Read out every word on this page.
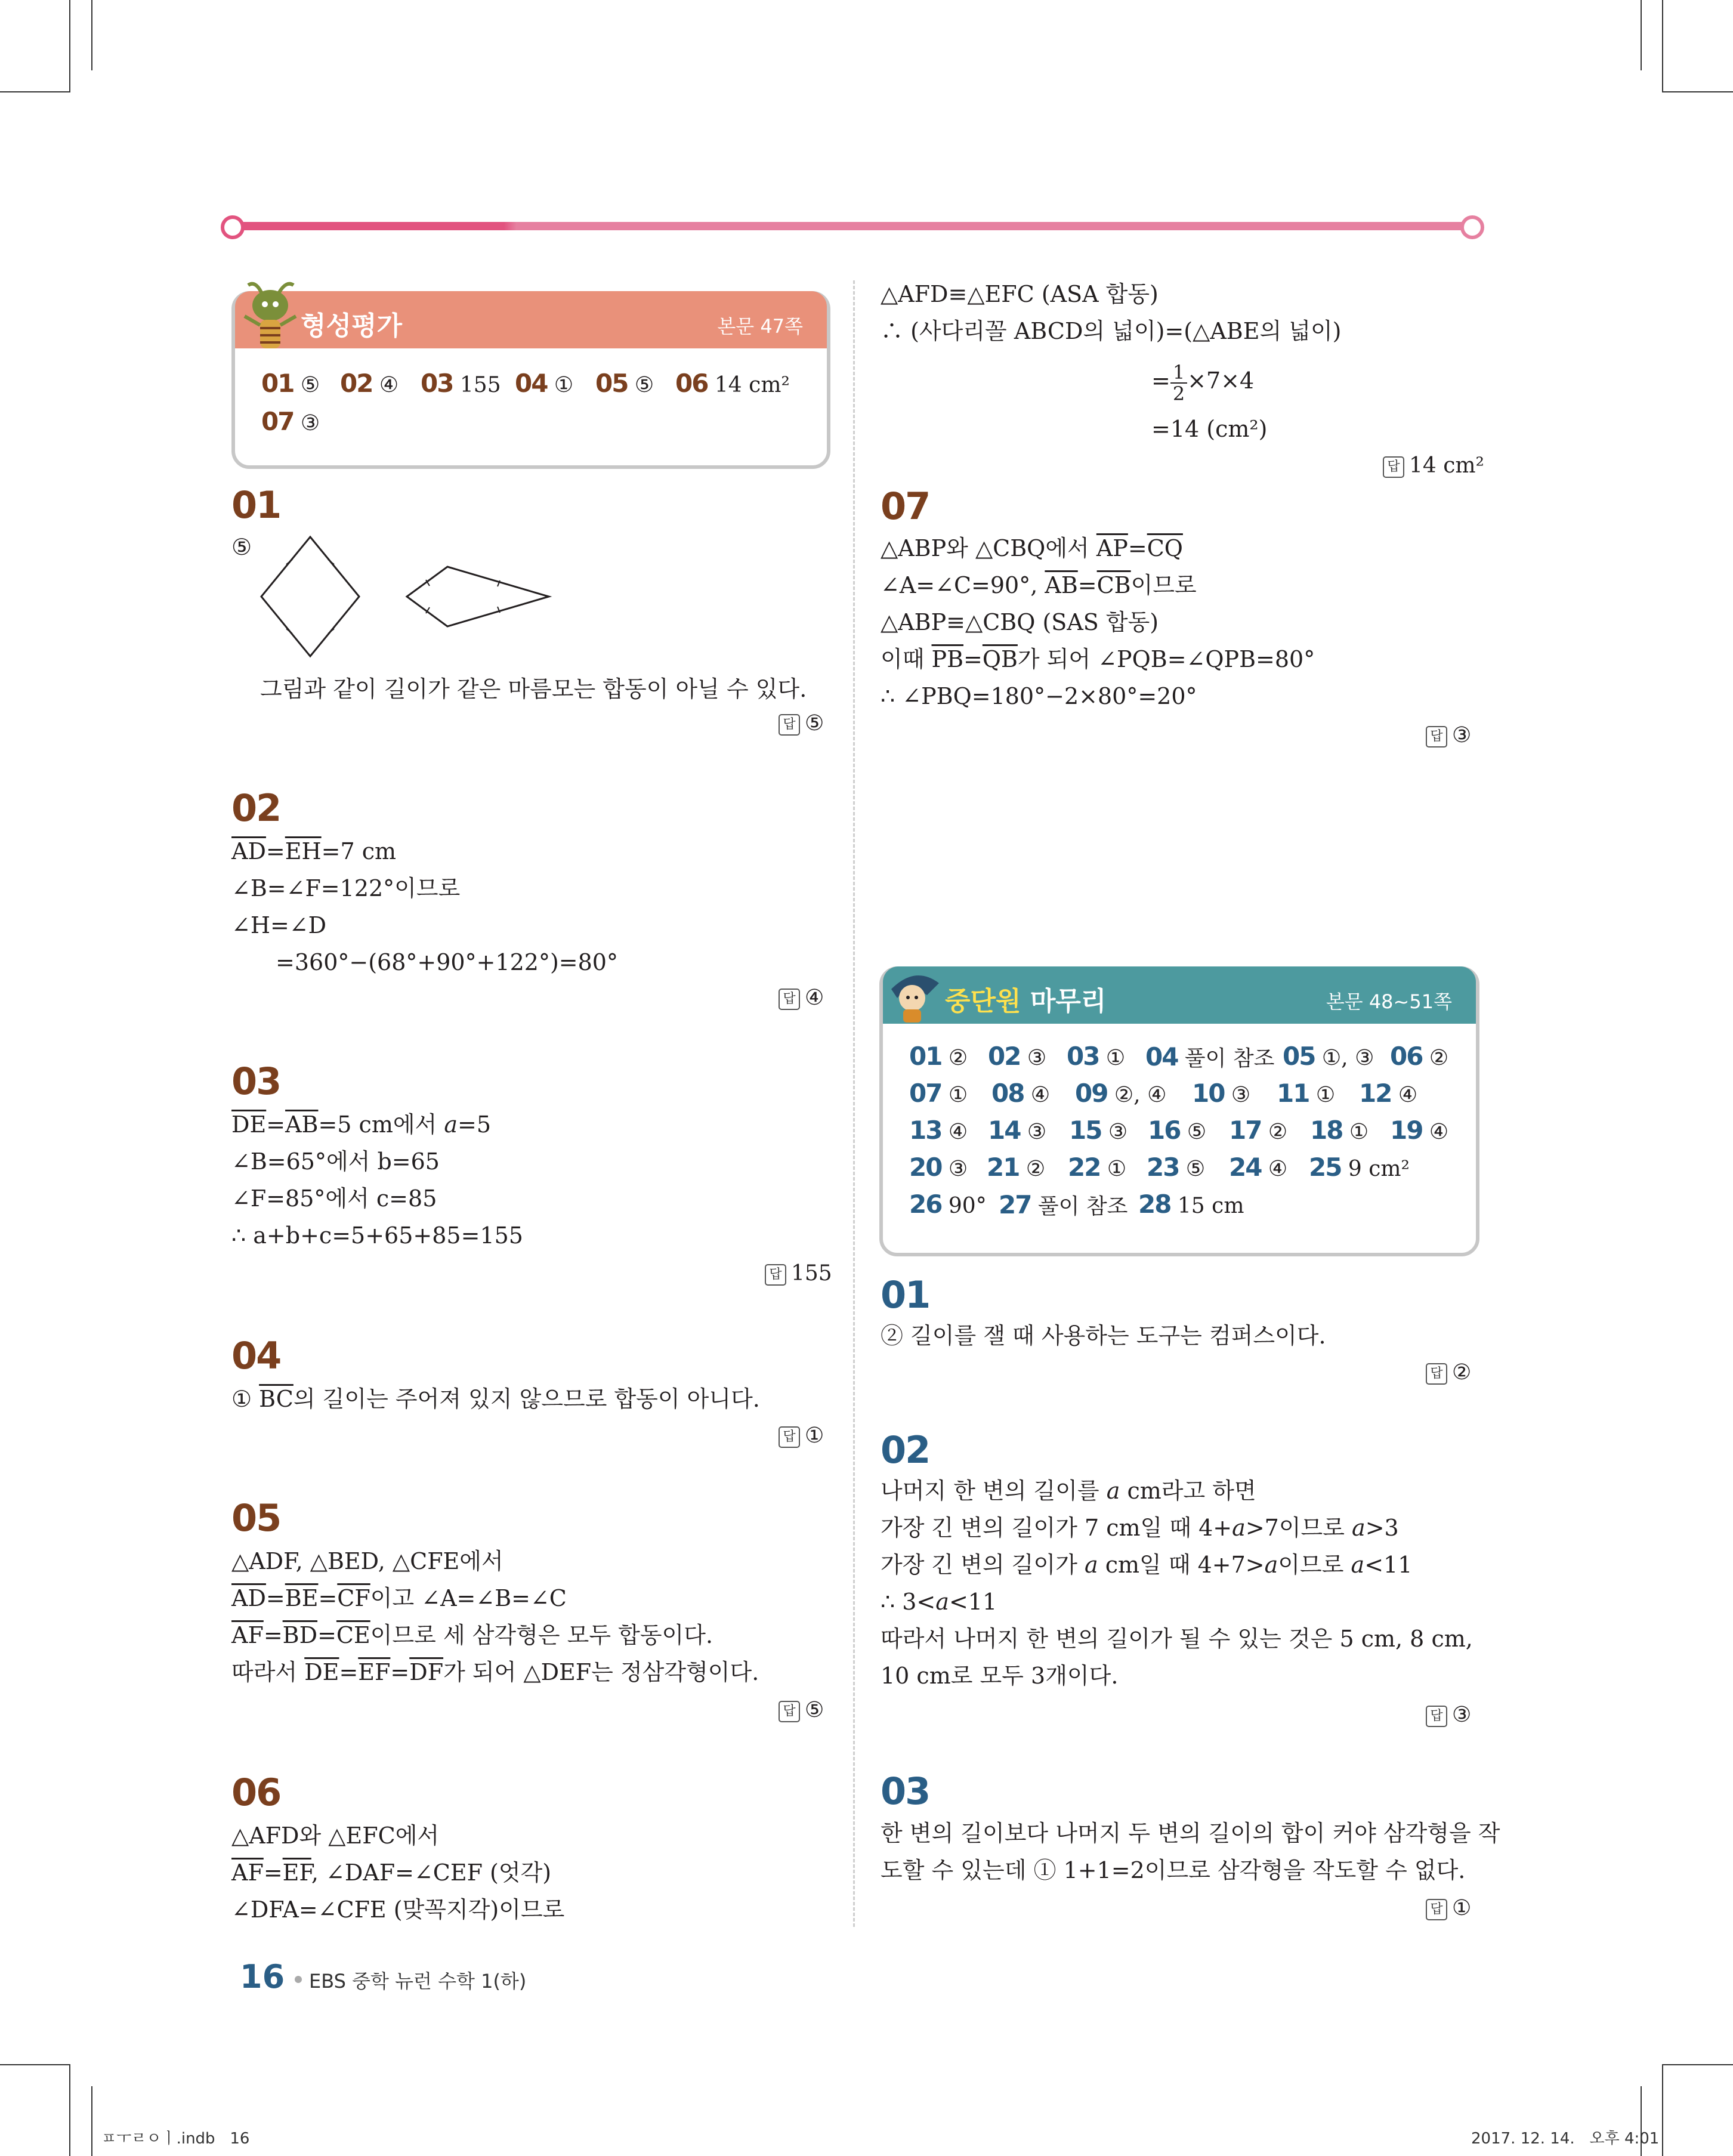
형성평가	본문 47쪽
01 ⑤ 02 ④ 03 155 04 ① 05 ⑤ 06 14 cm²
07 ③
01
⑤
그림과 같이 길이가 같은 마름모는 합동이 아닐 수 있다.
답 ⑤
02
$\overline{AD}=\overline{EH}=7$ cm
∠B=∠F=122°이므로
∠H=∠D
=360°−(68°+90°+122°)=80°
답 ④
03
$\overline{DE}=\overline{AB}=5$ cm에서 a=5
∠B=65°에서 b=65
∠F=85°에서 c=85
∴ a+b+c=5+65+85=155
답 155
04
① $\overline{BC}$의 길이는 주어져 있지 않으므로 합동이 아니다.
답 ①
05
△ADF, △BED, △CFE에서
$\overline{AD}=\overline{BE}=\overline{CF}$이고 ∠A=∠B=∠C
$\overline{AF}=\overline{BD}=\overline{CE}$이므로 세 삼각형은 모두 합동이다.
따라서 $\overline{DE}=\overline{EF}=\overline{DF}$가 되어 △DEF는 정삼각형이다.
답 ⑤
06
△AFD와 △EFC에서
$\overline{AF}=\overline{EF}$, ∠DAF=∠CEF (엇각)
∠DFA=∠CFE (맞꼭지각)이므로
△AFD≡△EFC (ASA 합동)
∴ (사다리꼴 ABCD의 넓이)=(△ABE의 넓이)
= $\frac{1}{2} \times 7\times 4$
=14 (cm²)
답 14 cm²
07
△ABP와 △CBQ에서 $\overline{AP}=\overline{CQ}$
∠A=∠C=90°, $\overline{AB}=\overline{CB}$이므로
△ABP≡△CBQ (SAS 합동)
이때 $\overline{PB}=\overline{QB}$가 되어 ∠PQB=∠QPB=80°
∴ ∠PBQ=180°−2×80°=20°
답 ③
중단원 마무리	본문 48~51쪽
01 ② 02 ③ 03 ① 04 풀이 참조 05 ①, ③ 06 ②
07 ① 08 ④ 09 ②, ④ 10 ③ 11 ① 12 ④
13 ④ 14 ③ 15 ③ 16 ⑤ 17 ② 18 ① 19 ④
20 ③ 21 ② 22 ① 23 ⑤ 24 ④ 25 9 cm²
26 90° 27 풀이 참조 28 15 cm
01
② 길이를 잴 때 사용하는 도구는 컴퍼스이다.
답 ②
02
나머지 한 변의 길이를 a cm라고 하면
가장 긴 변의 길이가 7 cm일 때 4+a>7이므로 a>3
가장 긴 변의 길이가 a cm일 때 4+7>a이므로 a<11
∴ 3<a<11
따라서 나머지 한 변의 길이가 될 수 있는 것은 5 cm, 8 cm,
10 cm로 모두 3개이다.
답 ③
03
한 변의 길이보다 나머지 두 변의 길이의 합이 커야 삼각형을 작
도할 수 있는데 ① 1+1=2이므로 삼각형을 작도할 수 없다.
답 ①
16 EBS 중학 뉴런 수학 1(하)
ㅍㅜㄹㅇㅣ.indb   16	2017. 12. 14.   오후 4:01
